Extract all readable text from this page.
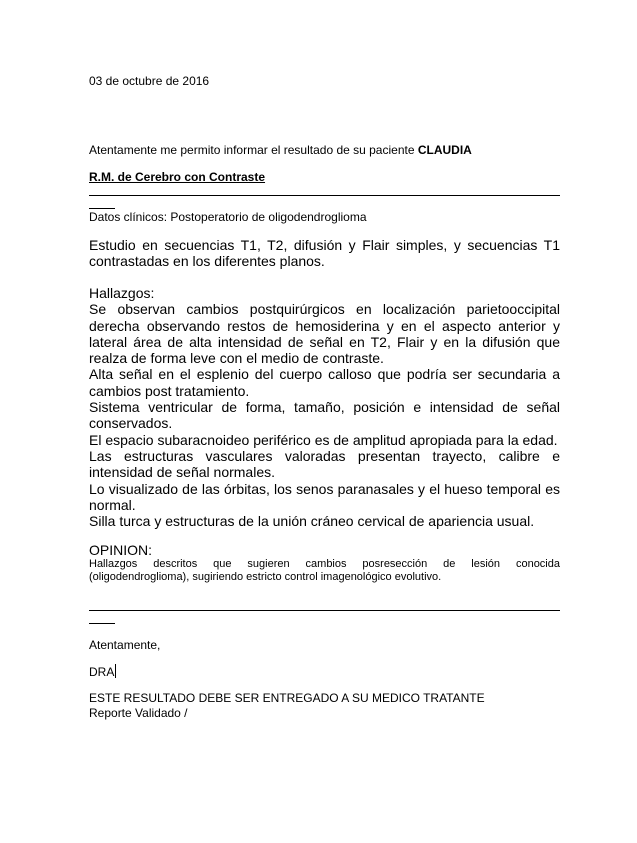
03 de octubre de 2016
Atentamente me permito informar el resultado de su paciente CLAUDIA
R.M. de Cerebro con Contraste
Datos clínicos: Postoperatorio de oligodendroglioma
Estudio en secuencias T1, T2, difusión y Flair simples, y secuencias T1 contrastadas en los diferentes planos.

Hallazgos:

Se observan cambios postquirúrgicos en localización parietooccipital derecha observando restos de hemosiderina y en el aspecto anterior y lateral área de alta intensidad de señal en T2, Flair y en la difusión que realza de forma leve con el medio de contraste.

Alta señal en el esplenio del cuerpo calloso que podría ser secundaria a cambios post tratamiento.

Sistema ventricular de forma, tamaño, posición e intensidad de señal conservados.

El espacio subaracnoideo periférico es de amplitud apropiada para la edad.

Las estructuras vasculares valoradas presentan trayecto, calibre e intensidad de señal normales.

Lo visualizado de las órbitas, los senos paranasales y el hueso temporal es normal.

Silla turca y estructuras de la unión cráneo cervical de apariencia usual.

OPINION:
Hallazgos descritos que sugieren cambios posresección de lesión conocida (oligodendroglioma), sugiriendo estricto control imagenológico evolutivo.
Atentamente,
DRA
ESTE RESULTADO DEBE SER ENTREGADO A SU MEDICO TRATANTE
Reporte Validado /
